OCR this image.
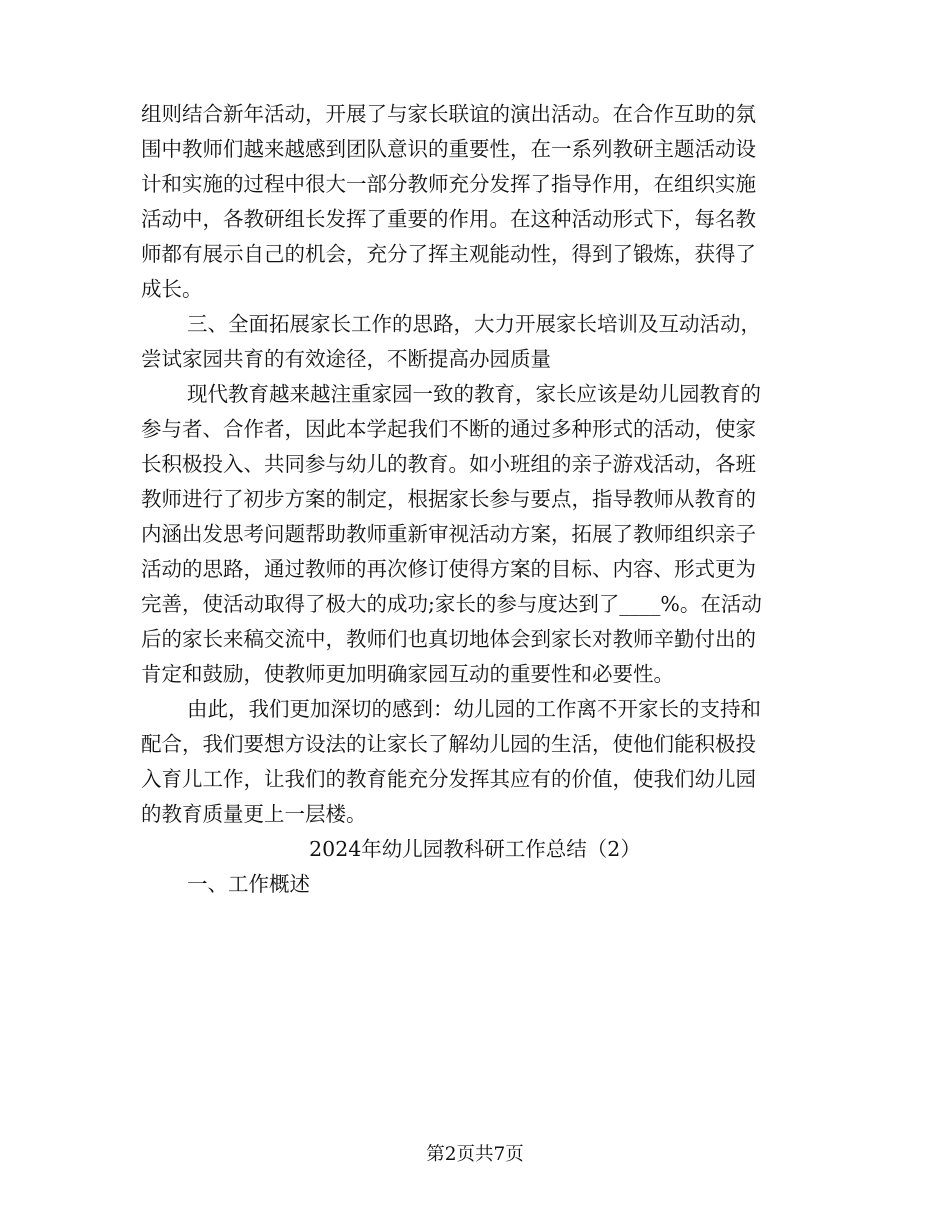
组则结合新年活动，开展了与家长联谊的演出活动。在合作互助的氛
围中教师们越来越感到团队意识的重要性，在一系列教研主题活动设
计和实施的过程中很大一部分教师充分发挥了指导作用，在组织实施
活动中，各教研组长发挥了重要的作用。在这种活动形式下，每名教
师都有展示自己的机会，充分了挥主观能动性，得到了锻炼，获得了
成长。
三、全面拓展家长工作的思路，大力开展家长培训及互动活动，
尝试家园共育的有效途径，不断提高办园质量
现代教育越来越注重家园一致的教育，家长应该是幼儿园教育的
参与者、合作者，因此本学起我们不断的通过多种形式的活动，使家
长积极投入、共同参与幼儿的教育。如小班组的亲子游戏活动，各班
教师进行了初步方案的制定，根据家长参与要点，指导教师从教育的
内涵出发思考问题帮助教师重新审视活动方案，拓展了教师组织亲子
活动的思路，通过教师的再次修订使得方案的目标、内容、形式更为
完善，使活动取得了极大的成功;家长的参与度达到了____%。在活动
后的家长来稿交流中，教师们也真切地体会到家长对教师辛勤付出的
肯定和鼓励，使教师更加明确家园互动的重要性和必要性。
由此，我们更加深切的感到：幼儿园的工作离不开家长的支持和
配合，我们要想方设法的让家长了解幼儿园的生活，使他们能积极投
入育儿工作，让我们的教育能充分发挥其应有的价值，使我们幼儿园
的教育质量更上一层楼。
2024年幼儿园教科研工作总结（2）
一、工作概述
第2页共7页
